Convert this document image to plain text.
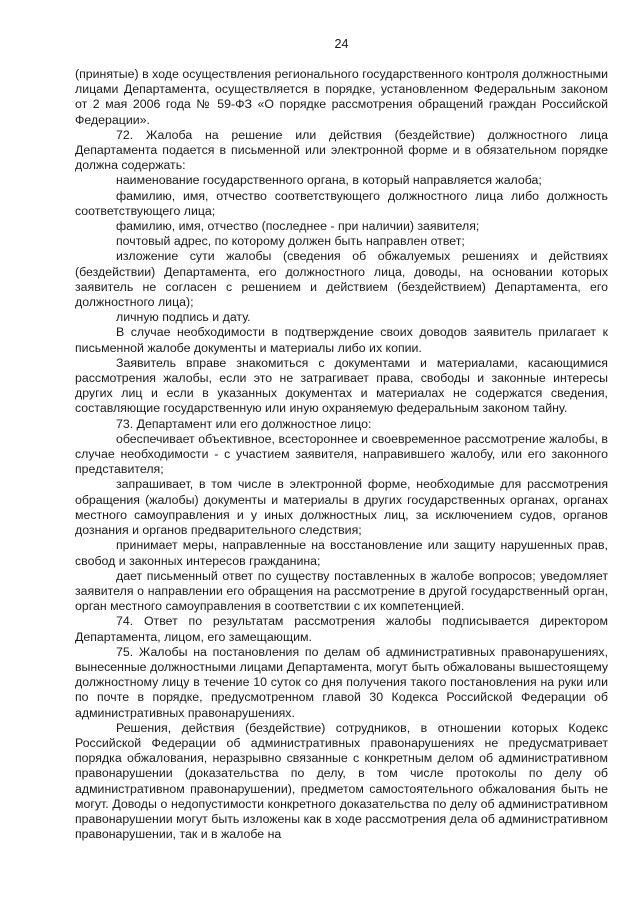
24

(принятые) в ходе осуществления регионального государственного контроля должностными лицами Департамента, осуществляется в порядке, установленном Федеральным законом от 2 мая 2006 года № 59-ФЗ «О порядке рассмотрения обращений граждан Российской Федерации».

72. Жалоба на решение или действия (бездействие) должностного лица Департамента подается в письменной или электронной форме и в обязательном порядке должна содержать:

наименование государственного органа, в который направляется жалоба;

фамилию, имя, отчество соответствующего должностного лица либо должность соответствующего лица;

фамилию, имя, отчество (последнее - при наличии) заявителя;

почтовый адрес, по которому должен быть направлен ответ;

изложение сути жалобы (сведения об обжалуемых решениях и действиях (бездействии) Департамента, его должностного лица, доводы, на основании которых заявитель не согласен с решением и действием (бездействием) Департамента, его должностного лица);

личную подпись и дату.

В случае необходимости в подтверждение своих доводов заявитель прилагает к письменной жалобе документы и материалы либо их копии.

Заявитель вправе знакомиться с документами и материалами, касающимися рассмотрения жалобы, если это не затрагивает права, свободы и законные интересы других лиц и если в указанных документах и материалах не содержатся сведения, составляющие государственную или иную охраняемую федеральным законом тайну.

73. Департамент или его должностное лицо:

обеспечивает объективное, всестороннее и своевременное рассмотрение жалобы, в случае необходимости - с участием заявителя, направившего жалобу, или его законного представителя;

запрашивает, в том числе в электронной форме, необходимые для рассмотрения обращения (жалобы) документы и материалы в других государственных органах, органах местного самоуправления и у иных должностных лиц, за исключением судов, органов дознания и органов предварительного следствия;

принимает меры, направленные на восстановление или защиту нарушенных прав, свобод и законных интересов гражданина;

дает письменный ответ по существу поставленных в жалобе вопросов; уведомляет заявителя о направлении его обращения на рассмотрение в другой государственный орган, орган местного самоуправления в соответствии с их компетенцией.

74. Ответ по результатам рассмотрения жалобы подписывается директором Департамента, лицом, его замещающим.

75. Жалобы на постановления по делам об административных правонарушениях, вынесенные должностными лицами Департамента, могут быть обжалованы вышестоящему должностному лицу в течение 10 суток со дня получения такого постановления на руки или по почте в порядке, предусмотренном главой 30 Кодекса Российской Федерации об административных правонарушениях.

Решения, действия (бездействие) сотрудников, в отношении которых Кодекс Российской Федерации об административных правонарушениях не предусматривает порядка обжалования, неразрывно связанные с конкретным делом об административном правонарушении (доказательства по делу, в том числе протоколы по делу об административном правонарушении), предметом самостоятельного обжалования быть не могут. Доводы о недопустимости конкретного доказательства по делу об административном правонарушении могут быть изложены как в ходе рассмотрения дела об административном правонарушении, так и в жалобе на
